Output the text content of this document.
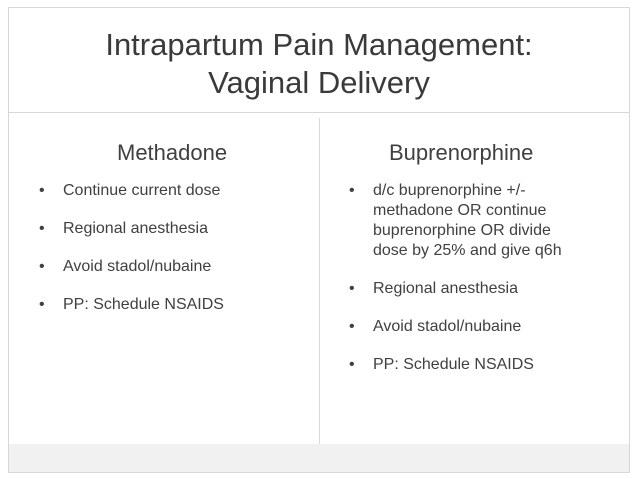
Intrapartum Pain Management:
Vaginal Delivery
Methadone	Buprenorphine
• Continue current dose
• Regional anesthesia
• Avoid stadol/nubaine
• PP: Schedule NSAIDS
• d/c buprenorphine +/-
methadone OR continue
buprenorphine OR divide
dose by 25% and give q6h
• Regional anesthesia
• Avoid stadol/nubaine
• PP: Schedule NSAIDS
